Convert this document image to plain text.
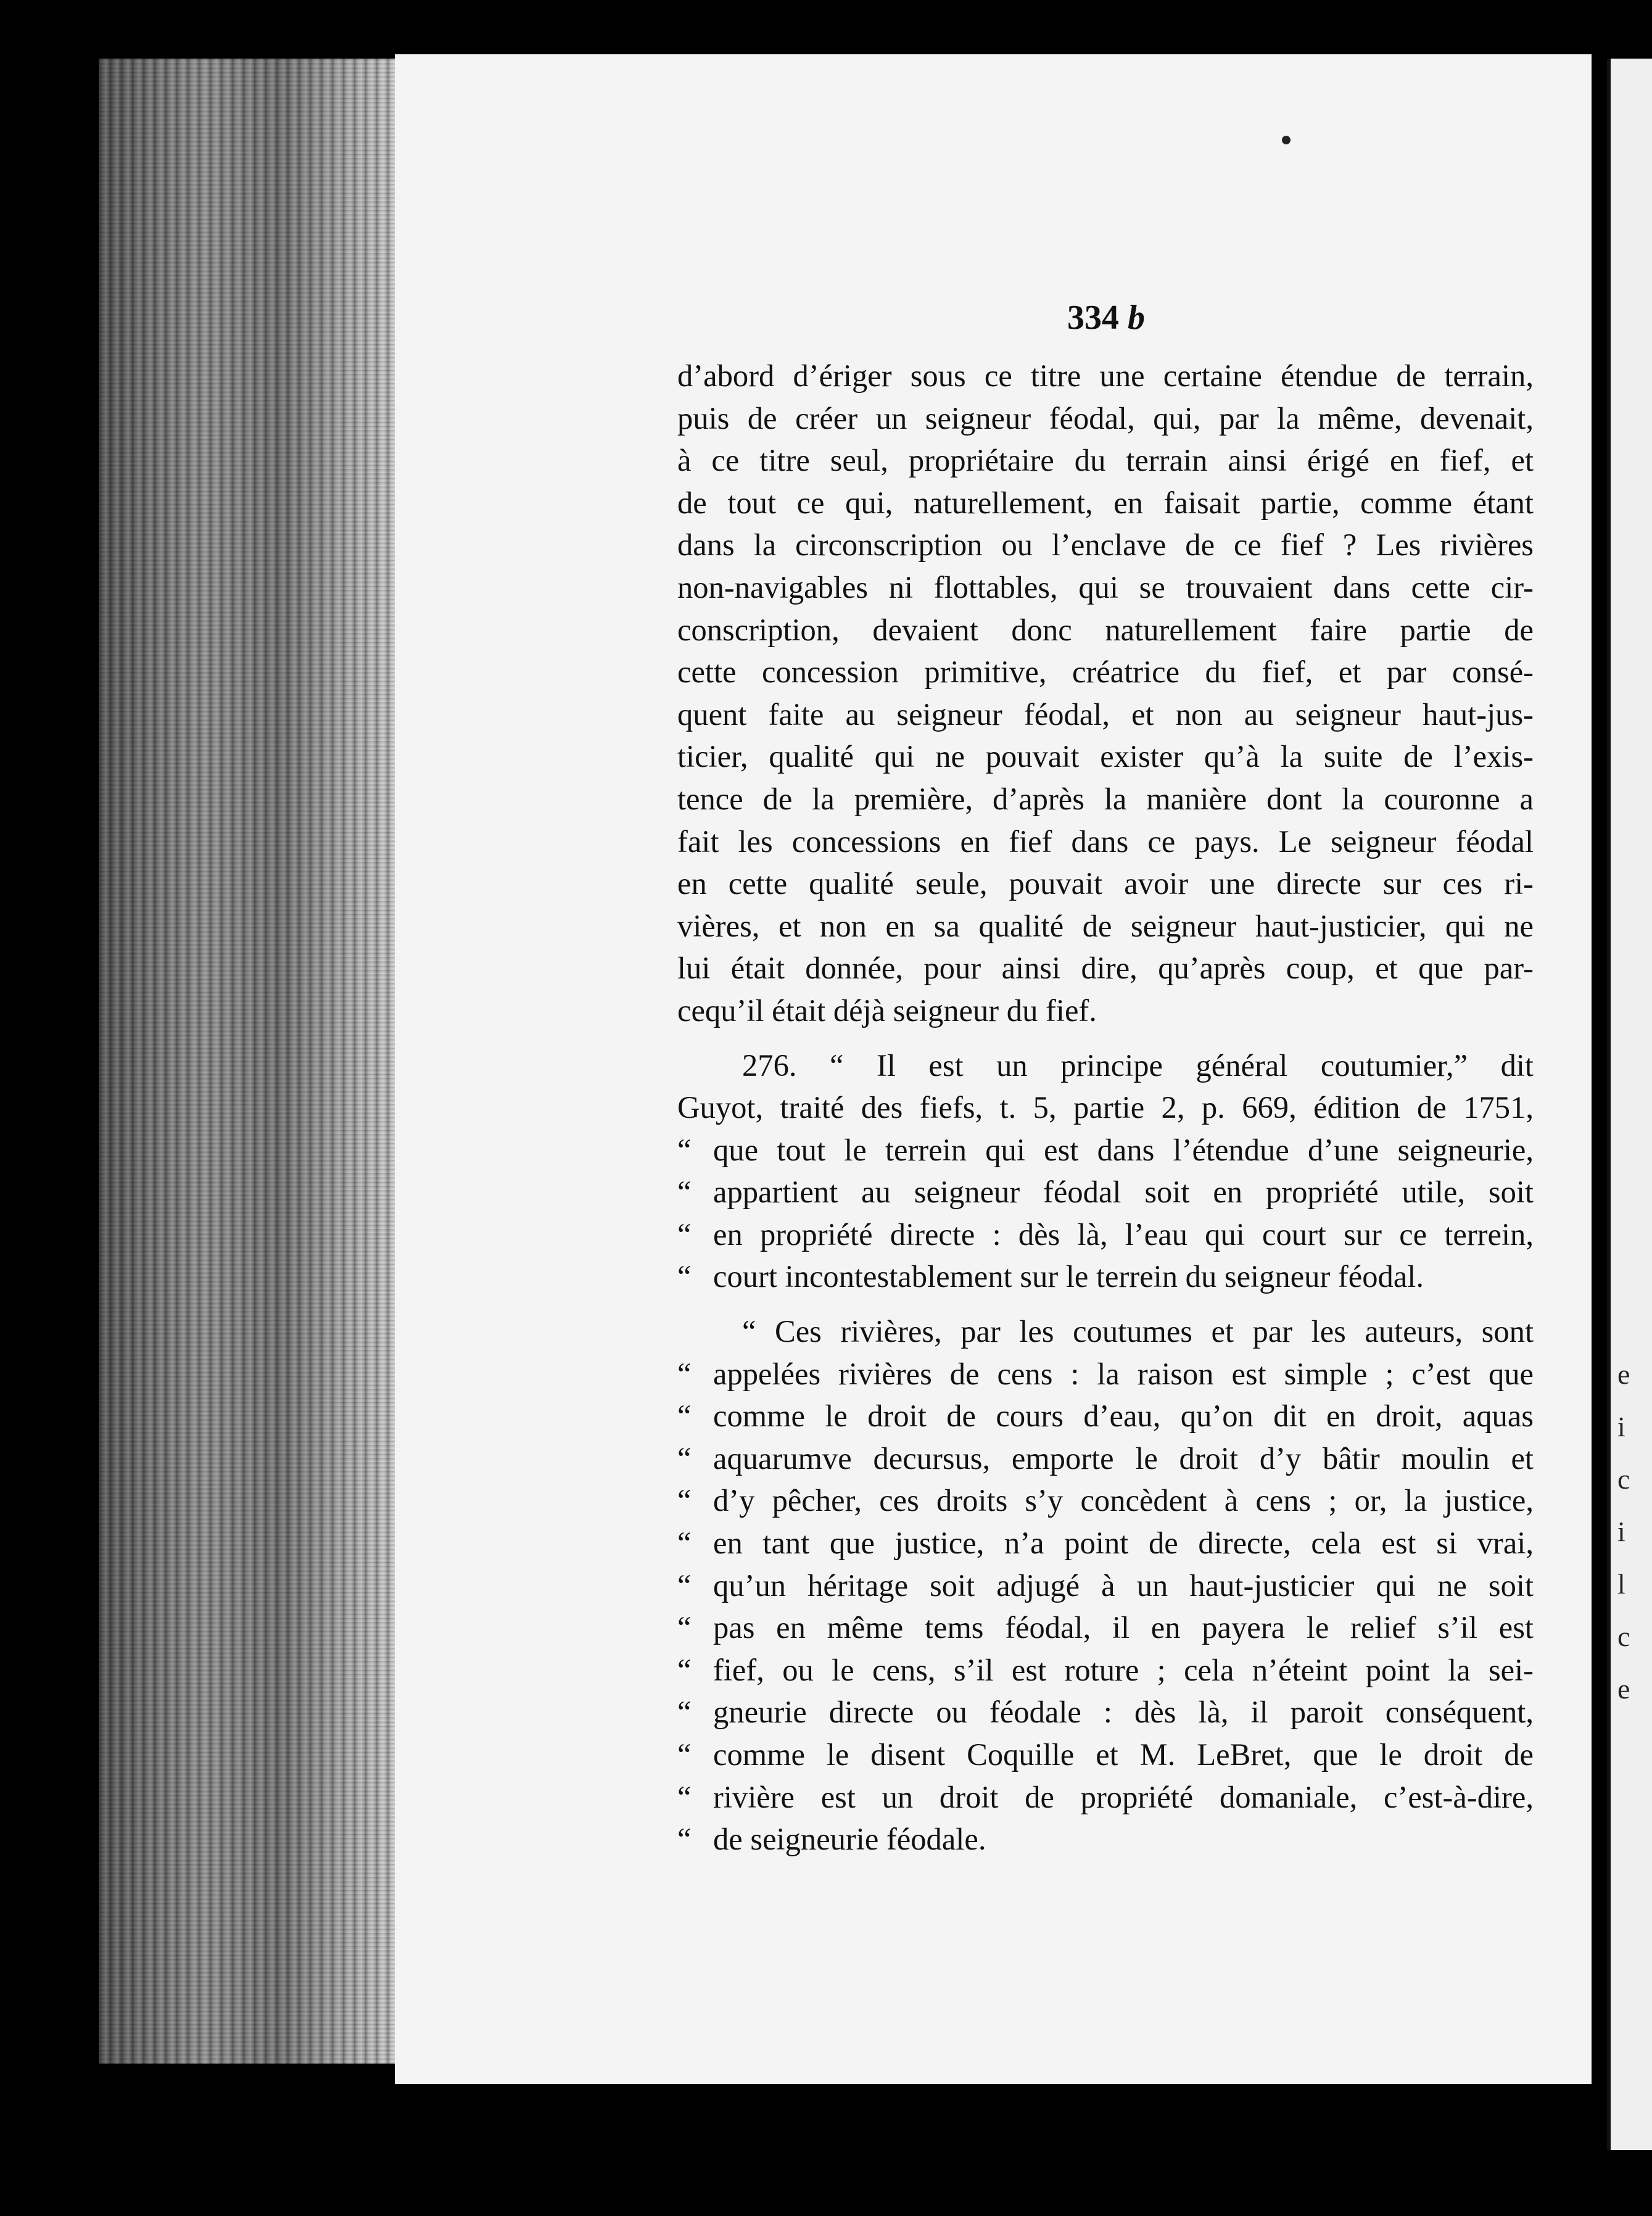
334 b
d’abord d’ériger sous ce titre une certaine étendue de terrain,
puis de créer un seigneur féodal, qui, par la même, devenait,
à ce titre seul, propriétaire du terrain ainsi érigé en fief, et
de tout ce qui, naturellement, en faisait partie, comme étant
dans la circonscription ou l’enclave de ce fief ? Les rivières
non-navigables ni flottables, qui se trouvaient dans cette cir-
conscription, devaient donc naturellement faire partie de
cette concession primitive, créatrice du fief, et par consé-
quent faite au seigneur féodal, et non au seigneur haut-jus-
ticier, qualité qui ne pouvait exister qu’à la suite de l’exis-
tence de la première, d’après la manière dont la couronne a
fait les concessions en fief dans ce pays. Le seigneur féodal
en cette qualité seule, pouvait avoir une directe sur ces ri-
vières, et non en sa qualité de seigneur haut-justicier, qui ne
lui était donnée, pour ainsi dire, qu’après coup, et que par-
cequ’il était déjà seigneur du fief.
276. “ Il est un principe général coutumier,” dit
Guyot, traité des fiefs, t. 5, partie 2, p. 669, édition de 1751,
“ que tout le terrein qui est dans l’étendue d’une seigneurie,
“ appartient au seigneur féodal soit en propriété utile, soit
“ en propriété directe : dès là, l’eau qui court sur ce terrein,
“ court incontestablement sur le terrein du seigneur féodal.
“ Ces rivières, par les coutumes et par les auteurs, sont
“ appelées rivières de cens : la raison est simple ; c’est que
“ comme le droit de cours d’eau, qu’on dit en droit, aquas
“ aquarumve decursus, emporte le droit d’y bâtir moulin et
“ d’y pêcher, ces droits s’y concèdent à cens ; or, la justice,
“ en tant que justice, n’a point de directe, cela est si vrai,
“ qu’un héritage soit adjugé à un haut-justicier qui ne soit
“ pas en même tems féodal, il en payera le relief s’il est
“ fief, ou le cens, s’il est roture ; cela n’éteint point la sei-
“ gneurie directe ou féodale : dès là, il paroit conséquent,
“ comme le disent Coquille et M. LeBret, que le droit de
“ rivière est un droit de propriété domaniale, c’est-à-dire,
“ de seigneurie féodale.
e
i
c
i
l
c
e
